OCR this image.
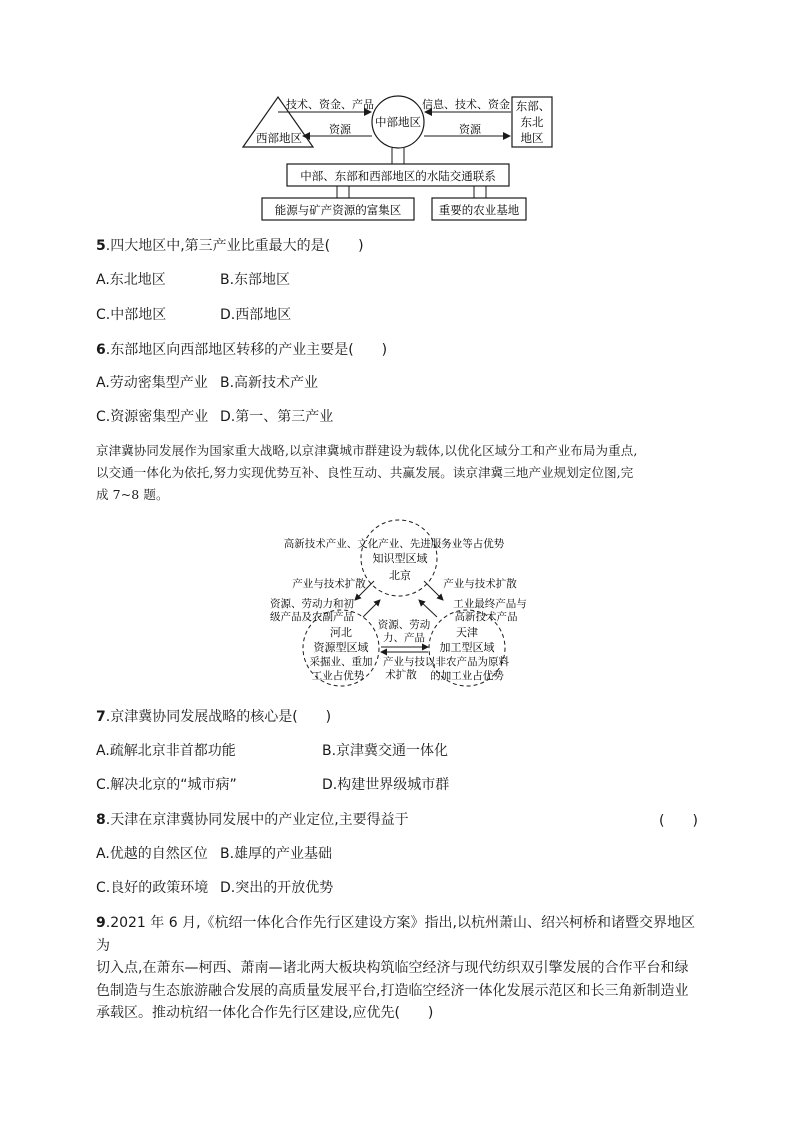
西部地区
中部地区
东部、
东北
地区
技术、资金、产品
资源
信息、技术、资金
资源
中部、东部和西部地区的水陆交通联系
能源与矿产资源的富集区	重要的农业基地
5.四大地区中,第三产业比重最大的是(　　)
A.东北地区	B.东部地区
C.中部地区	D.西部地区
6.东部地区向西部地区转移的产业主要是(　　)
A.劳动密集型产业 B.高新技术产业
C.资源密集型产业 D.第一、第三产业
京津冀协同发展作为国家重大战略,以京津冀城市群建设为载体,以优化区域分工和产业布局为重点,
以交通一体化为依托,努力实现优势互补、良性互动、共赢发展。读京津冀三地产业规划定位图,完
成 7~8 题。
高新技术产业、文化产业、先进服务业等占优势
知识型区域
北京
河北
资源型区域
采掘业、重加
工业占优势
天津
加工型区域
以非农产品为原料
的加工业占优势
产业与技术扩散
资源、劳动力和初
级产品及农副产品
产业与技术扩散
工业最终产品与
高新技术产品
资源、劳动
力、产品
产业与技
术扩散
7.京津冀协同发展战略的核心是(　　)
A.疏解北京非首都功能	B.京津冀交通一体化
C.解决北京的“城市病”	D.构建世界级城市群
8.天津在京津冀协同发展中的产业定位,主要得益于	(　　)
A.优越的自然区位 B.雄厚的产业基础
C.良好的政策环境 D.突出的开放优势
9.2021 年 6 月,《杭绍一体化合作先行区建设方案》指出,以杭州萧山、绍兴柯桥和诸暨交界地区为
切入点,在萧东—柯西、萧南—诸北两大板块构筑临空经济与现代纺织双引擎发展的合作平台和绿
色制造与生态旅游融合发展的高质量发展平台,打造临空经济一体化发展示范区和长三角新制造业
承载区。推动杭绍一体化合作先行区建设,应优先(　　)
